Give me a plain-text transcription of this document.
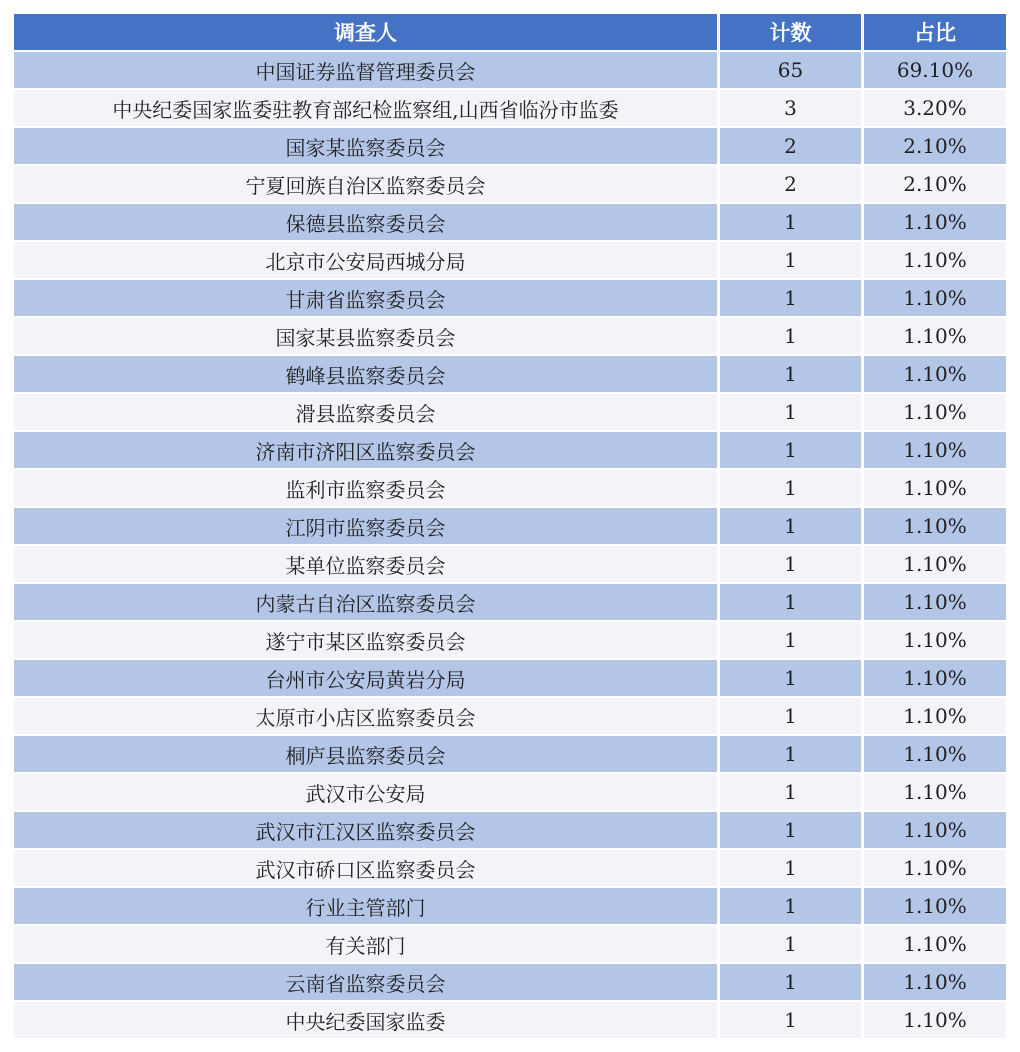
调查人	计数	占比
中国证券监督管理委员会	65	69.10%
中央纪委国家监委驻教育部纪检监察组,山西省临汾市监委	3	3.20%
国家某监察委员会	2	2.10%
宁夏回族自治区监察委员会	2	2.10%
保德县监察委员会	1	1.10%
北京市公安局西城分局	1	1.10%
甘肃省监察委员会	1	1.10%
国家某县监察委员会	1	1.10%
鹤峰县监察委员会	1	1.10%
滑县监察委员会	1	1.10%
济南市济阳区监察委员会	1	1.10%
监利市监察委员会	1	1.10%
江阴市监察委员会	1	1.10%
某单位监察委员会	1	1.10%
内蒙古自治区监察委员会	1	1.10%
遂宁市某区监察委员会	1	1.10%
台州市公安局黄岩分局	1	1.10%
太原市小店区监察委员会	1	1.10%
桐庐县监察委员会	1	1.10%
武汉市公安局	1	1.10%
武汉市江汉区监察委员会	1	1.10%
武汉市硚口区监察委员会	1	1.10%
行业主管部门	1	1.10%
有关部门	1	1.10%
云南省监察委员会	1	1.10%
中央纪委国家监委	1	1.10%
